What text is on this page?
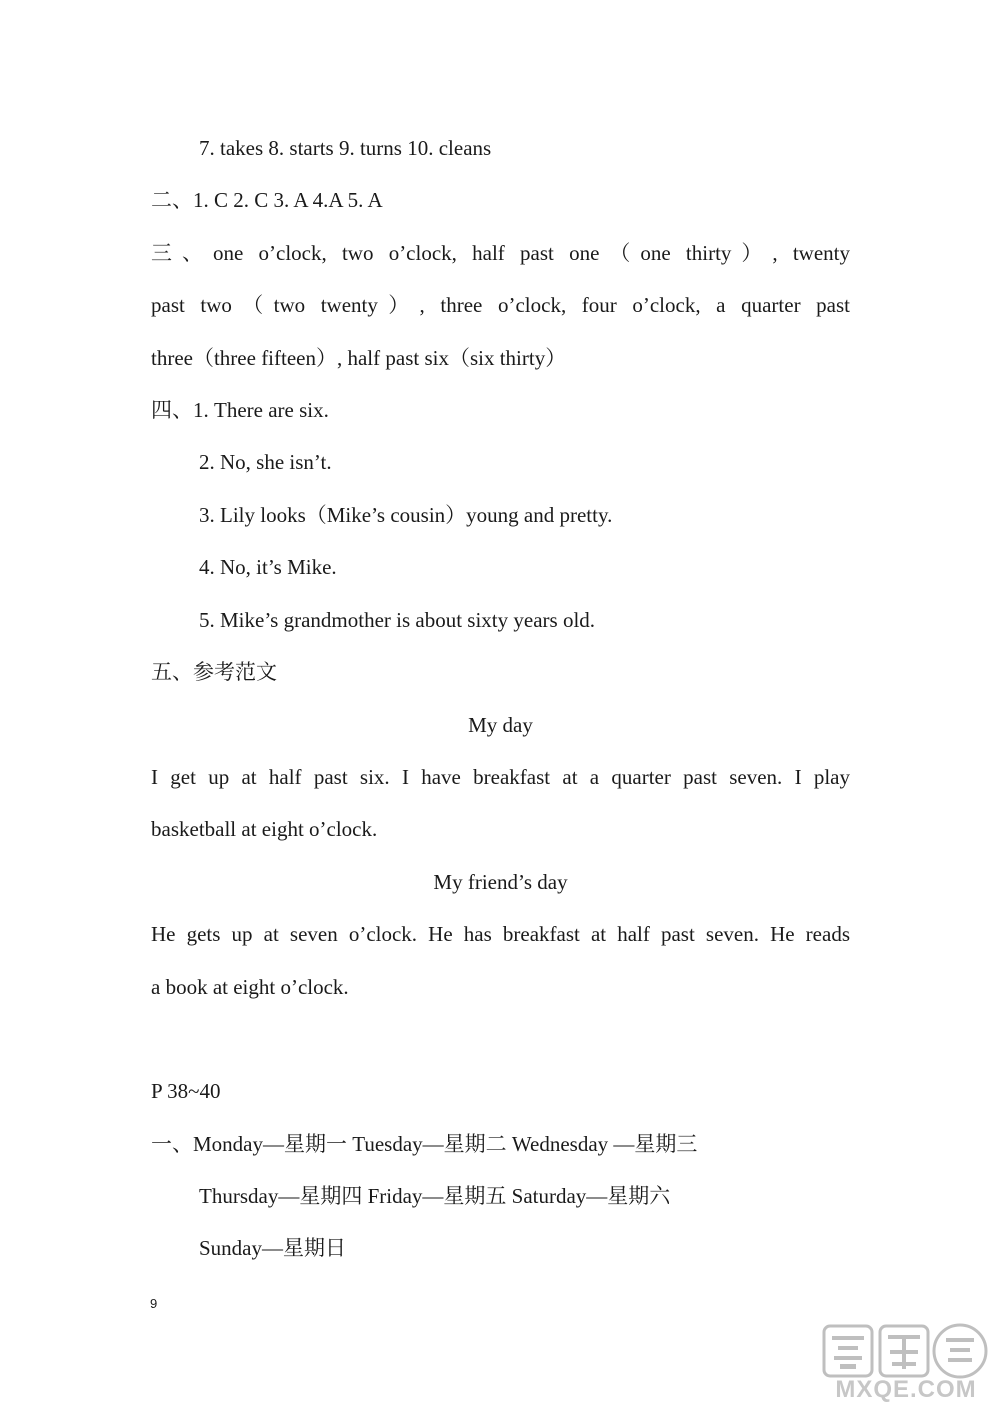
7. takes 8. starts 9. turns 10. cleans
二、1. C 2. C 3. A 4.A 5. A
三、one o’clock, two o’clock, half past one（one thirty）, twenty
past two（two twenty）, three o’clock, four o’clock, a quarter past
three（three fifteen）, half past six（six thirty）
四、1. There are six.
2. No, she isn’t.
3. Lily looks（Mike’s cousin）young and pretty.
4. No, it’s Mike.
5. Mike’s grandmother is about sixty years old.
五、参考范文
My day
I get up at half past six. I have breakfast at a quarter past seven. I play
basketball at eight o’clock.
My friend’s day
He gets up at seven o’clock. He has breakfast at half past seven. He reads
a book at eight o’clock.
P 38~40
一、Monday—星期一 Tuesday—星期二 Wednesday —星期三
Thursday—星期四 Friday—星期五 Saturday—星期六
Sunday—星期日
9
MXQE.COM
